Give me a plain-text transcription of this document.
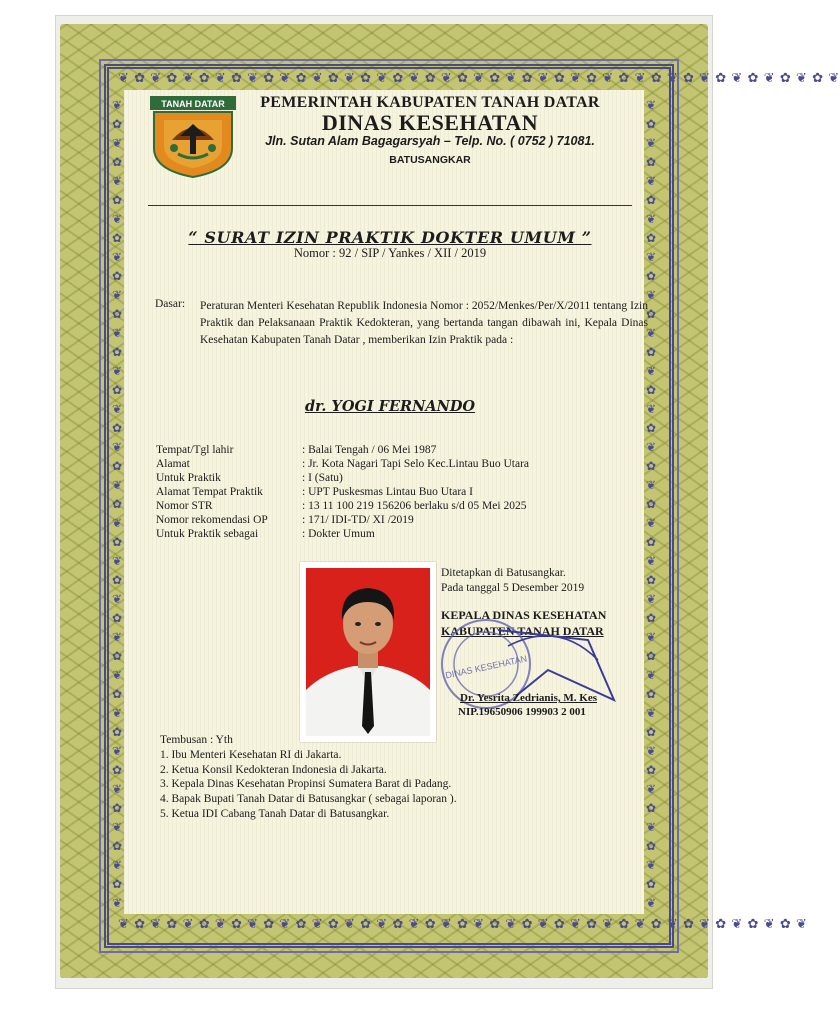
❦ ✿ ❦ ✿ ❦ ✿ ❦ ✿ ❦ ✿ ❦ ✿ ❦ ✿ ❦ ✿ ❦ ✿ ❦ ✿ ❦ ✿ ❦ ✿ ❦ ✿ ❦ ✿ ❦ ✿ ❦ ✿ ❦ ✿ ❦ ✿ ❦ ✿ ❦ ✿ ❦ ✿ ❦ ✿ ❦
❦ ✿ ❦ ✿ ❦ ✿ ❦ ✿ ❦ ✿ ❦ ✿ ❦ ✿ ❦ ✿ ❦ ✿ ❦ ✿ ❦ ✿ ❦ ✿ ❦ ✿ ❦ ✿ ❦ ✿ ❦ ✿ ❦ ✿ ❦ ✿ ❦ ✿ ❦ ✿ ❦ ✿ ❦
❦
✿
❦
✿
❦
✿
❦
✿
❦
✿
❦
✿
❦
✿
❦
✿
❦
✿
❦
✿
❦
✿
❦
✿
❦
✿
❦
✿
❦
✿
❦
✿
❦
✿
❦
✿
❦
✿
❦
✿
❦
✿
❦
❦
✿
❦
✿
❦
✿
❦
✿
❦
✿
❦
✿
❦
✿
❦
✿
❦
✿
❦
✿
❦
✿
❦
✿
❦
✿
❦
✿
❦
✿
❦
✿
❦
✿
❦
✿
❦
✿
❦
✿
❦
✿
❦
TANAH DATAR	PEMERINTAH KABUPATEN TANAH DATAR
DINAS KESEHATAN
Jln. Sutan Alam Bagagarsyah – Telp. No. ( 0752 ) 71081.
BATUSANGKAR
“ SURAT IZIN PRAKTIK DOKTER UMUM ”
Nomor : 92 / SIP / Yankes / XII / 2019
Dasar: Peraturan Menteri Kesehatan Republik Indonesia Nomor : 2052/Menkes/Per/X/2011 tentang Izin Praktik dan Pelaksanaan Praktik Kedokteran, yang bertanda tangan dibawah ini, Kepala Dinas Kesehatan Kabupaten Tanah Datar , memberikan Izin Praktik pada :
dr. YOGI FERNANDO
Tempat/Tgl lahir	: Balai Tengah / 06 Mei 1987
Alamat	: Jr. Kota Nagari Tapi Selo Kec.Lintau Buo Utara
Untuk Praktik	: I (Satu)
Alamat Tempat Praktik	: UPT Puskesmas Lintau Buo Utara I
Nomor STR	: 13 11 100 219 156206 berlaku s/d 05 Mei 2025
Nomor rekomendasi OP	: 171/ IDI-TD/ XI /2019
Untuk Praktik sebagai	: Dokter Umum
Ditetapkan di Batusangkar.
Pada tanggal 5 Desember 2019
KEPALA DINAS KESEHATAN
KABUPATEN TANAH DATAR
DINAS KESEHATAN
Dr. Yesrita Zedrianis, M. Kes
NIP.19650906 199903 2 001
Tembusan : Yth
1. Ibu Menteri Kesehatan RI di Jakarta.
2. Ketua Konsil Kedokteran Indonesia di Jakarta.
3. Kepala Dinas Kesehatan Propinsi Sumatera Barat di Padang.
4. Bapak Bupati Tanah Datar di Batusangkar ( sebagai laporan ).
5. Ketua IDI Cabang Tanah Datar di Batusangkar.
